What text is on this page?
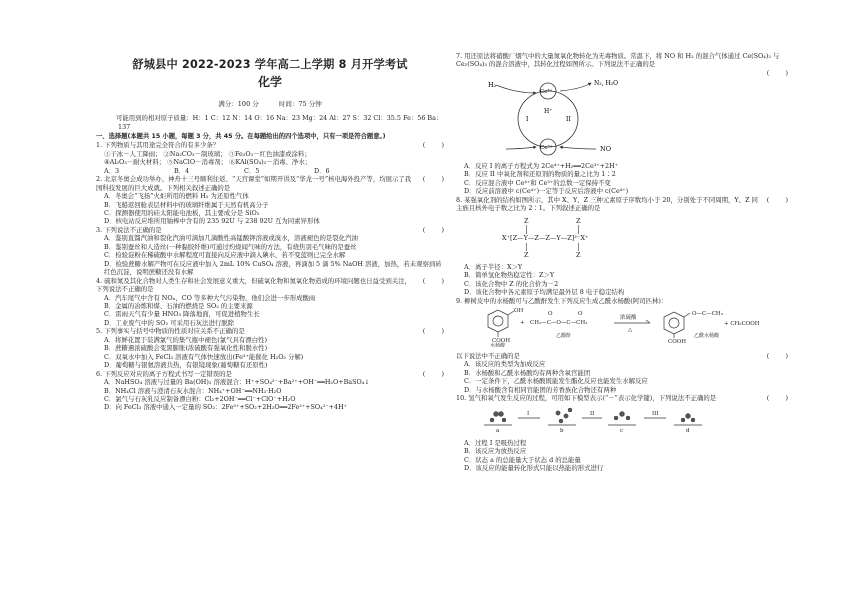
舒城县中 2022-2023 学年高二上学期 8 月开学考试
化学
满分：100 分	时间：75 分钟
可能用到的相对原子质量：H：1 C：12 N：14 O：16 Na：23 Mg：24 Al：27 S：32 Cl：35.5 Fe：56 Ba：137
一、选择题(本题共 15 小题，每题 3 分，共 45 分。在每题给出的四个选项中，只有一项是符合题意。)
1. 下列物质与其用途完全符合的有多少条？	(        )
①干冰－人工降雨； ②Na₂CO₃－制玻璃； ③Fe₂O₃－红色油漆或涂料；
④Al₂O₃－耐火材料； ⑤NaClO－消毒剂； ⑥KAl(SO₄)₂－消毒、净水；
A．3	B．4	C．5	D．6
2. 北京冬奥会成功举办、神舟十三号顺利往返、“天宫课堂”如期开讲及“华龙一号”核电海外投产等，均展示了我国科技发展的巨大成就。下列相关叙述正确的是
(        )
A．冬奥会“飞扬”火炬所用的燃料 H₂ 为还原性气体
B．飞船返回舱表层材料中的玻璃纤维属于天然有机高分子
C．探测器使用的硅太阳能电池板，其主要成分是 SiO₂
D．核电站反应堆所用铀棒中含有的 235 92U 与 238 92U 互为同素异形体
3. 下列说法不正确的是	(        )
A．鉴别直馏汽油和裂化汽油可滴加几滴酸性高锰酸钾溶液或溴水，溶液褪色的是裂化汽油
B．鉴别蚕丝和人造丝(一种黏胶纤维)可通过灼烧闻气味的方法，有烧焦羽毛气味的是蚕丝
C．检验淀粉在稀硫酸中水解程度可直接向反应液中滴入碘水，若不变蓝则已完全水解
D．检验蔗糖水解产物可在反应液中加入 2mL 10% CuSO₄ 溶液，再滴加 5 滴 5% NaOH 溶液，加热，若未观察到砖红色沉淀，说明蔗糖还没有水解
4. 硫和氮及其化合物对人类生存和社会发展意义重大，但硫氧化物和氮氧化物造成的环境问题也日益受到关注，下列说法不正确的是
(        )
A．汽车尾气中含有 NOₓ、CO 等多种大气污染物，他们会进一步形成酸雨
B．金属的冶炼和煤、石油的燃烧是 SO₂ 的主要来源
C．雷雨天气有少量 HNO₃ 降落地面，可促进植物生长
D．工业废气中的 SO₂ 可采用石灰法进行脱除
5. 下列事实与括号中物质的性质对应关系不正确的是	(        )
A．将鲜花置于装满氯气的集气瓶中褪色(氯气具有漂白性)
B．蔗糖遇浓硫酸会变黑膨胀(浓硫酸有强氧化性和脱水性)
C．双氧水中加入 FeCl₃ 溶液有气体快速放出(Fe³⁺能催化 H₂O₂ 分解)
D．葡萄糖与银氨溶液共热，有银镜现象(葡萄糖有还原性)
6. 下列反应对应的离子方程式书写一定错误的是	(        )
A．NaHSO₄ 溶液与过量的 Ba(OH)₂ 溶液混合：H⁺+SO₄²⁻+Ba²⁺+OH⁻══H₂O+BaSO₄↓
B．NH₄Cl 溶液与澄清石灰水混合：NH₄⁺+OH⁻══NH₃·H₂O
C．氯气与石灰乳反应制备漂白粉：Cl₂+2OH⁻══Cl⁻+ClO⁻+H₂O
D．向 FeCl₃ 溶液中通入一定量的 SO₂：2Fe³⁺+SO₂+2H₂O══2Fe²⁺+SO₄²⁻+4H⁺
7. 用还原法将硝酸厂烟气中的大量氮氧化物转化为无毒物质。常温下，将 NO 和 H₂ 的混合气体通过 Ce(SO₄)₂ 与 Ce₂(SO₄)₃ 的混合溶液中，其转化过程如图所示。下列说法不正确的是
(        )
H₂
Ce⁴⁺
N₂, H₂O
I	II
H⁺
NO
Ce³⁺
A．反应 I 的离子方程式为 2Ce⁴⁺+H₂══2Ce³⁺+2H⁺
B．反应 II 中氧化剂和还原剂的物质的量之比为 1∶2
C．反应混合液中 Ce⁴⁺和 Ce³⁺的总数一定保持不变
D．反应前溶液中 c(Ce⁴⁺)一定等于反应后溶液中 c(Ce⁴⁺)
8. 某强氧化剂的结构如图所示，其中 X、Y、Z 三种元素原子序数均小于 20，分别处于不同周期，Y、Z 同主族且核外电子数之比为 2∶1。下列叙述正确的是
(        )
X⁺[Z—Y—Z—Z—Y—Z]²⁻X⁺
Z
Z
Z
Z
A．离子半径：X＞Y
B．简单氢化物热稳定性：Z＞Y
C．该化合物中 Z 的化合价为－2
D．该化合物中各元素原子均满足最外层 8 电子稳定结构
9. 柳树皮中的水杨酸可与乙酸酐发生下列反应生成乙酰水杨酸(阿司匹林)：
OH
COOH
+ CH₃—C—O—C—CH₃
O	O	O—C—CH₃
COOH
浓硫酸
△
+ CH₃COOH
水杨酸
乙酸酐	乙酰水杨酸
以下说法中不正确的是	(        )
A．该反应的类型为加成反应
B．水杨酸和乙酰水杨酸均有两种含氧官能团
C．一定条件下，乙酰水杨酸既能发生酯化反应也能发生水解反应
D．与水杨酸含有相同官能团的芳香族化合物还有两种
10. 氢气和氧气发生反应的过程，可用如下模型表示(“－”表示化学键)，下列说法不正确的是	(        )
a	b	c	d
I	II	III
A．过程 I 是吸热过程
B．该反应为放热反应
C．状态 a 的总能量大于状态 d 的总能量
D．该反应的能量转化形式只能以热能的形式进行
